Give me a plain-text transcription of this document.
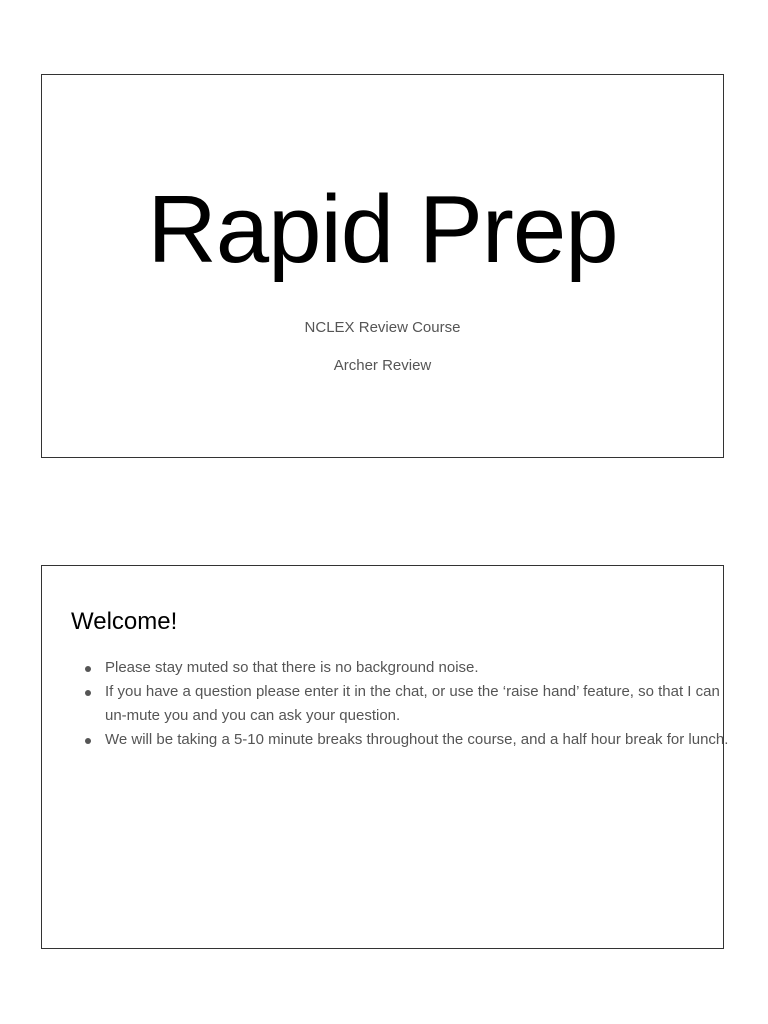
Rapid Prep
NCLEX Review Course
Archer Review
Welcome!
Please stay muted so that there is no background noise.
If you have a question please enter it in the chat, or use the ‘raise hand’ feature, so that I can un-mute you and you can ask your question.
We will be taking a 5-10 minute breaks throughout the course, and a half hour break for lunch.
